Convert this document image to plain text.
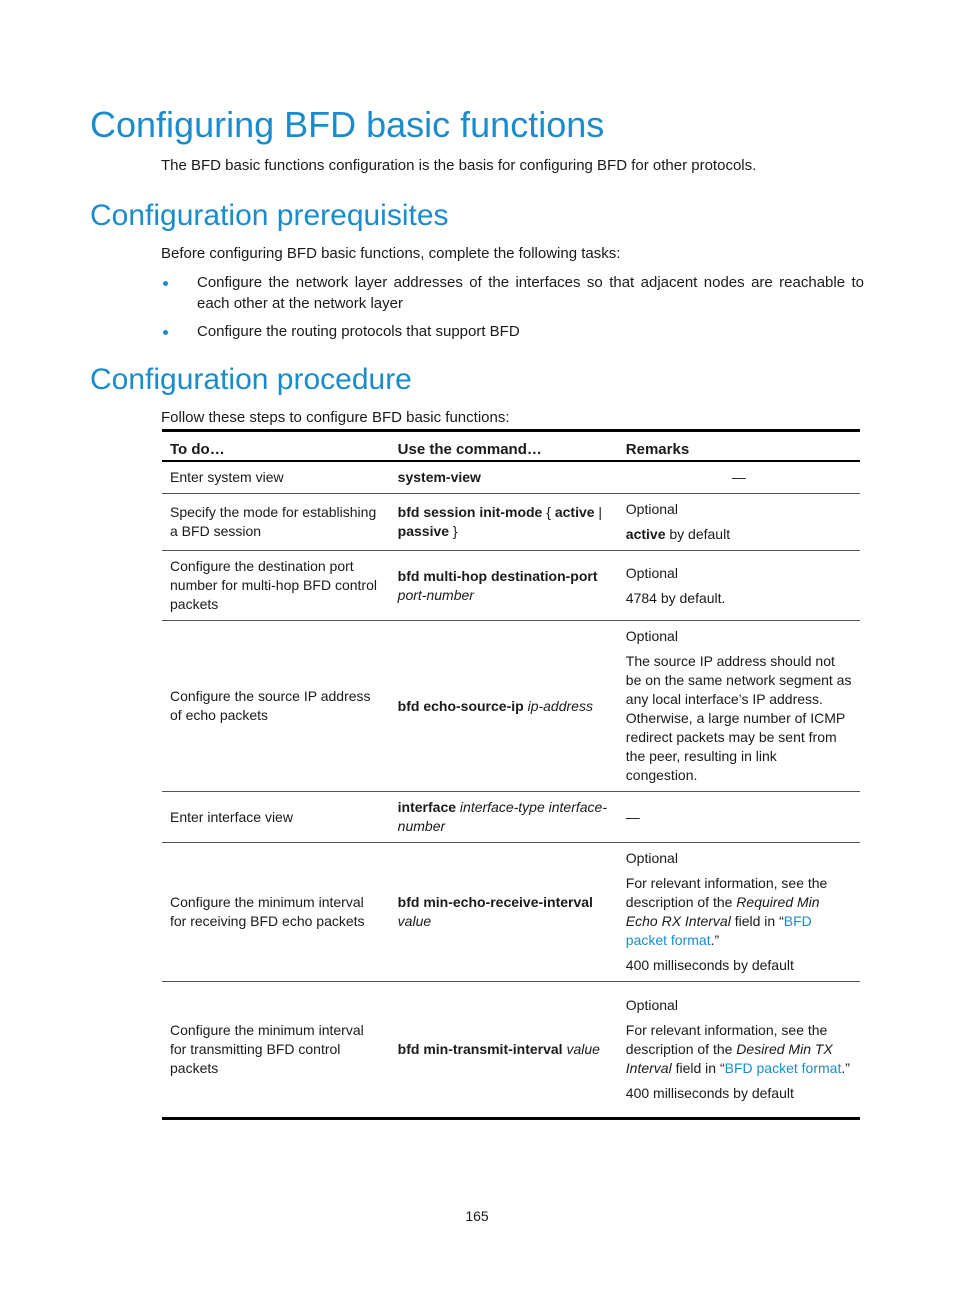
Configuring BFD basic functions

The BFD basic functions configuration is the basis for configuring BFD for other protocols.

Configuration prerequisites

Before configuring BFD basic functions, complete the following tasks:

Configure the network layer addresses of the interfaces so that adjacent nodes are reachable to each other at the network layer
Configure the routing protocols that support BFD
Configuration procedure

Follow these steps to configure BFD basic functions:

To do…	Use the command…	Remarks
Enter system view	system-view	—
Specify the mode for establishing a BFD session	bfd session init-mode { active | passive }	Optional

active by default

Configure the destination port number for multi-hop BFD control packets	bfd multi-hop destination-port port-number	Optional

4784 by default.

Configure the source IP address of echo packets	bfd echo-source-ip ip-address	Optional

The source IP address should not be on the same network segment as any local interface’s IP address. Otherwise, a large number of ICMP redirect packets may be sent from the peer, resulting in link congestion.

Enter interface view	interface interface-type interface-number	—
Configure the minimum interval for receiving BFD echo packets	bfd min-echo-receive-interval value	Optional

For relevant information, see the description of the Required Min Echo RX Interval field in “BFD packet format.”

400 milliseconds by default

Configure the minimum interval for transmitting BFD control packets	bfd min-transmit-interval value	Optional

For relevant information, see the description of the Desired Min TX Interval field in “BFD packet format.”

400 milliseconds by default

165
